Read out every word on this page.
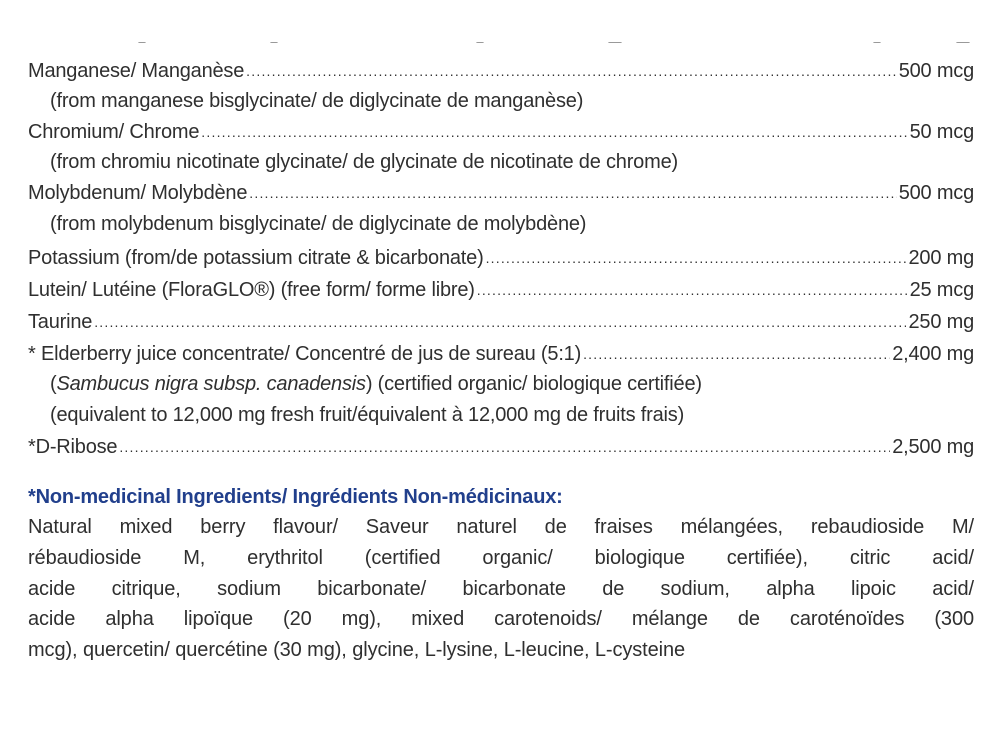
Manganese/ Manganèse .....	500 mcg
(from manganese bisglycinate/ de diglycinate de manganèse)
Chromium/ Chrome .....	50 mcg
(from chromiu nicotinate glycinate/ de glycinate de nicotinate de chrome)
Molybdenum/ Molybdène .....	500 mcg
(from molybdenum bisglycinate/ de diglycinate de molybdène)
Potassium (from/de potassium citrate & bicarbonate) .....	200 mg
Lutein/ Lutéine (FloraGLO®) (free form/ forme libre) .....	25 mcg
Taurine .....	250 mg
* Elderberry juice concentrate/ Concentré de jus de sureau (5:1) .....	2,400 mg
(Sambucus nigra subsp. canadensis) (certified organic/ biologique certifiée)
(equivalent to 12,000 mg fresh fruit/équivalent à 12,000 mg de fruits frais)
*D-Ribose .....	2,500 mg
*Non-medicinal Ingredients/ Ingrédients Non-médicinaux:
Natural mixed berry flavour/ Saveur naturel de fraises mélangées, rebaudioside M/
rébaudioside M, erythritol (certified organic/ biologique certifiée), citric acid/
acide citrique, sodium bicarbonate/ bicarbonate de sodium, alpha lipoic acid/
acide alpha lipoïque (20 mg), mixed carotenoids/ mélange de caroténoïdes (300
mcg), quercetin/ quercétine (30 mg), glycine, L-lysine, L-leucine, L-cysteine
